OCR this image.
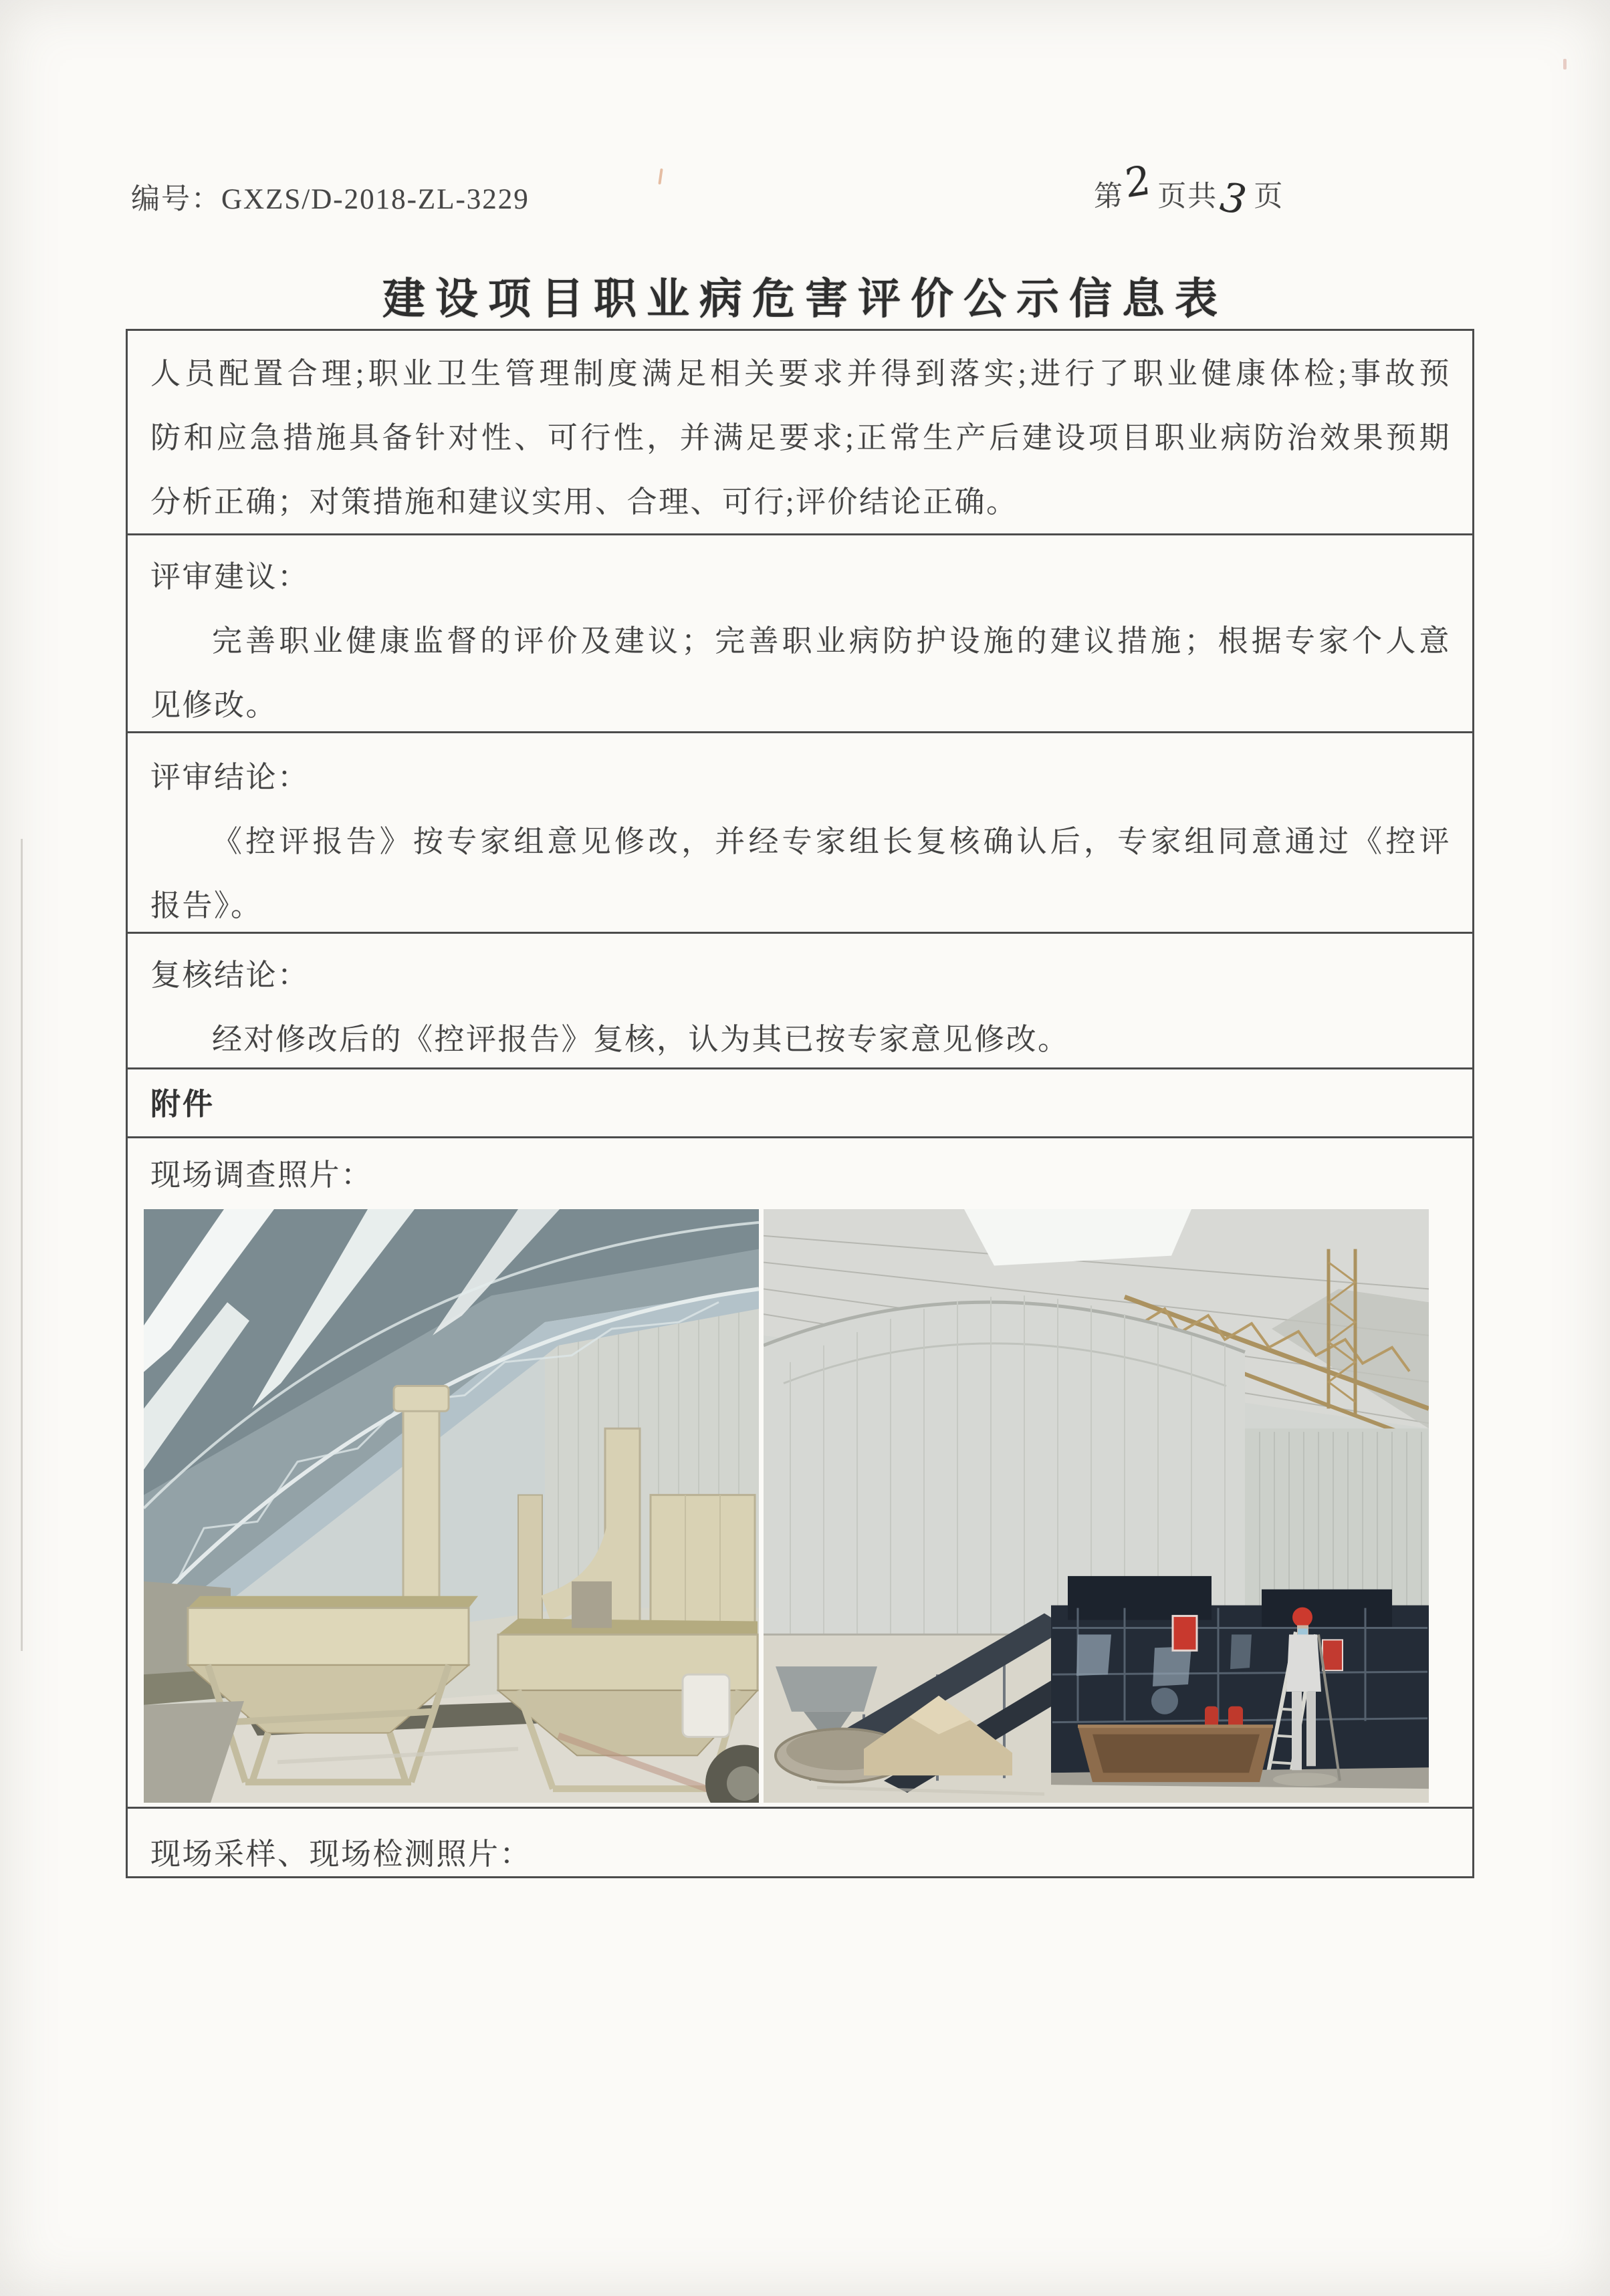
编号：GXZS/D-2018-ZL-3229	第2 页共3页
建设项目职业病危害评价公示信息表
人员配置合理;职业卫生管理制度满足相关要求并得到落实;进行了职业健康体检;事故预
防和应急措施具备针对性、可行性，并满足要求;正常生产后建设项目职业病防治效果预期
分析正确；对策措施和建议实用、合理、可行;评价结论正确。
评审建议：
完善职业健康监督的评价及建议；完善职业病防护设施的建议措施；根据专家个人意
见修改。
评审结论：
《控评报告》按专家组意见修改，并经专家组长复核确认后，专家组同意通过《控评
报告》。
复核结论：
经对修改后的《控评报告》复核，认为其已按专家意见修改。
附件
现场调查照片：
现场采样、现场检测照片：
